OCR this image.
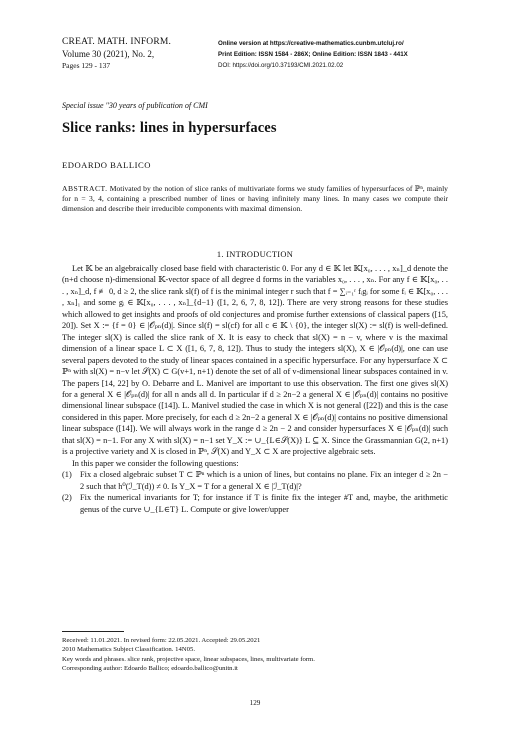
CREAT. MATH. INFORM.
Volume 30 (2021), No. 2,
Pages 129 - 137
Online version at https://creative-mathematics.cunbm.utcluj.ro/
Print Edition: ISSN 1584 - 286X; Online Edition: ISSN 1843 - 441X
DOI: https://doi.org/10.37193/CMI.2021.02.02
Special issue "30 years of publication of CMI
Slice ranks: lines in hypersurfaces
EDOARDO BALLICO
ABSTRACT. Motivated by the notion of slice ranks of multivariate forms we study families of hypersurfaces of ℙⁿ, mainly for n = 3, 4, containing a prescribed number of lines or having infinitely many lines. In many cases we compute their dimension and describe their irreducible components with maximal dimension.
1. INTRODUCTION

Let 𝕂 be an algebraically closed base field with characteristic 0. For any d ∈ 𝕂 let 𝕂[x₀, . . . , xₙ]_d denote the (n+d choose n)-dimensional 𝕂-vector space of all degree d forms in the variables x₀, . . . , xₙ. For any f ∈ 𝕂[x₀, . . . , xₙ]_d, f ≢ 0, d ≥ 2, the slice rank sl(f) of f is the minimal integer r such that f = ∑ᵢ₌₁ʳ fᵢgᵢ for some fᵢ ∈ 𝕂[x₀, . . . , xₙ]₁ and some gᵢ ∈ 𝕂[x₀, . . . , xₙ]_{d−1} ([1, 2, 6, 7, 8, 12]). There are very strong reasons for these studies which allowed to get insights and proofs of old conjectures and promise further extensions of classical papers ([15, 20]). Set X := {f = 0} ∈ |𝒪ₚₙ(d)|. Since sl(f) = sl(cf) for all c ∈ 𝕂 \ {0}, the integer sl(X) := sl(f) is well-defined. The integer sl(X) is called the slice rank of X. It is easy to check that sl(X) = n − v, where v is the maximal dimension of a linear space L ⊂ X ([1, 6, 7, 8, 12]). Thus to study the integers sl(X), X ∈ |𝒪ₚₙ(d)|, one can use several papers devoted to the study of linear spaces contained in a specific hypersurface. For any hypersurface X ⊂ ℙⁿ with sl(X) = n−v let 𝒮(X) ⊂ G(v+1, n+1) denote the set of all of v-dimensional linear subspaces contained in v. The papers [14, 22] by O. Debarre and L. Manivel are important to use this observation. The first one gives sl(X) for a general X ∈ |𝒪ₚₙ(d)| for all n ands all d. In particular if d ≥ 2n−2 a general X ∈ |𝒪ₚₙ(d)| contains no positive dimensional linear subspace ([14]). L. Manivel studied the case in which X is not general ([22]) and this is the case considered in this paper. More precisely, for each d ≥ 2n−2 a general X ∈ |𝒪ₚₙ(d)| contains no positive dimensional linear subspace ([14]). We will always work in the range d ≥ 2n − 2 and consider hypersurfaces X ∈ |𝒪ₚₙ(d)| such that sl(X) = n−1. For any X with sl(X) = n−1 set Y_X := ∪_{L∈𝒮(X)} L ⊆ X. Since the Grassmannian G(2, n+1) is a projective variety and X is closed in ℙⁿ, 𝒮(X) and Y_X ⊂ X are projective algebraic sets.

In this paper we consider the following questions:

(1) Fix a closed algebraic subset T ⊂ ℙⁿ which is a union of lines, but contains no plane. Fix an integer d ≥ 2n − 2 such that h⁰(ℐ_T(d)) ≠ 0. Is Y_X = T for a general X ∈ |ℐ_T(d)|?
(2) Fix the numerical invariants for T; for instance if T is finite fix the integer #T and, maybe, the arithmetic genus of the curve ∪_{L∈T} L. Compute or give lower/upper
Received: 11.01.2021. In revised form: 22.05.2021. Accepted: 29.05.2021
2010 Mathematics Subject Classification. 14N05.
Key words and phrases. slice rank, projective space, linear subspaces, lines, multivariate form.
Corresponding author: Edoardo Ballico; edoardo.ballico@unitn.it
129
